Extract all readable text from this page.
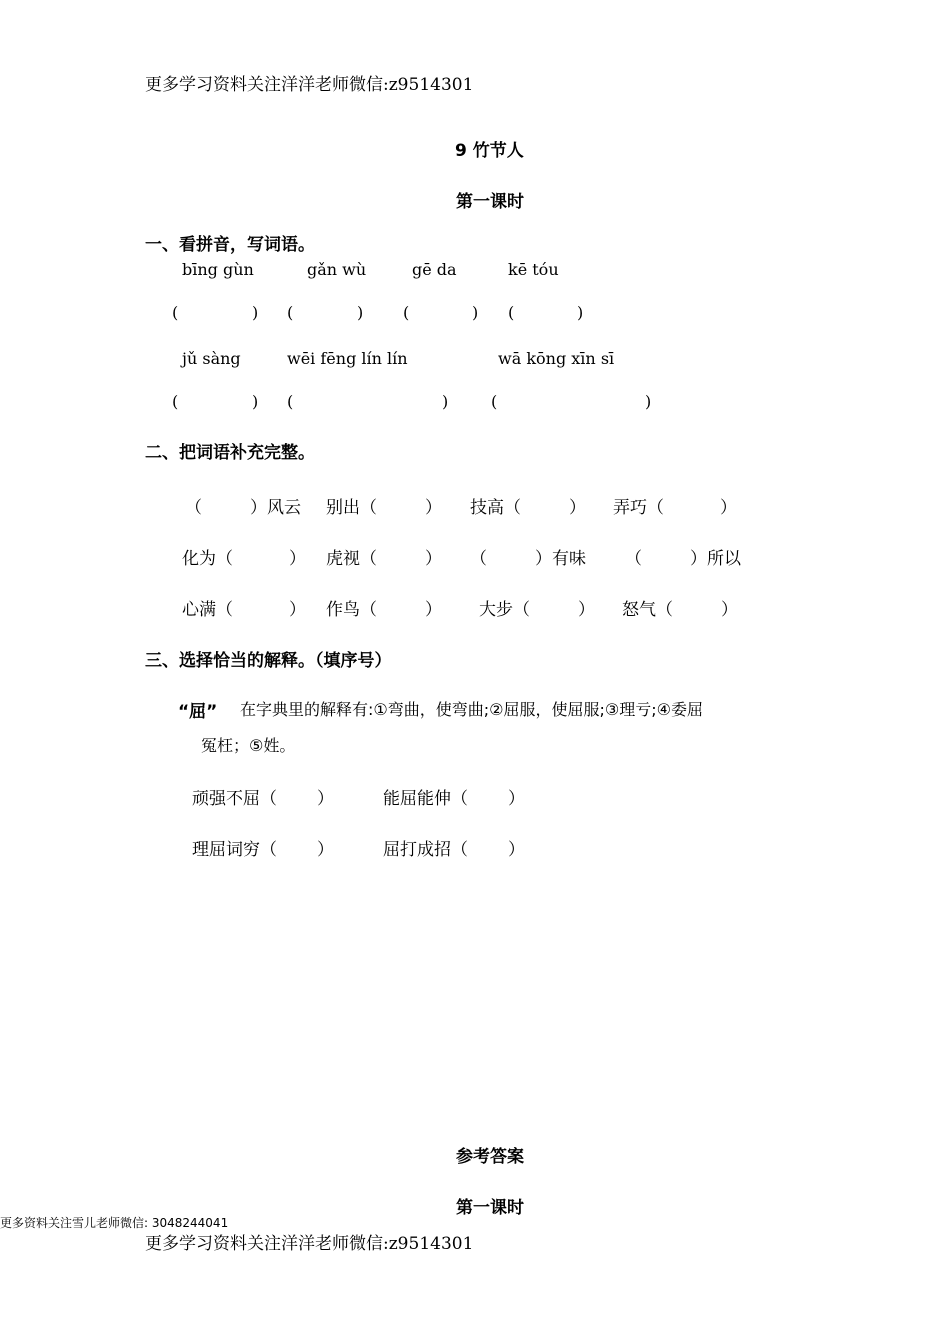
更多学习资料关注洋洋老师微信:z9514301
9 竹节人
第一课时
一、看拼音，写词语。
bīng gùn	gǎn wù	gē da	kē tóu
(	) (	) (	) (	)
jǔ sàng	wēi fēng lín lín	wā kōng xīn sī
(	) (	)	(	)
二、把词语补充完整。
（	）风云 别出（	） 技高（	） 弄巧（	）
化为（	） 虎视（	） （	）有味 （	）所以
心满（	） 作鸟（	） 大步（	） 怒气（	）
三、选择恰当的解释。（填序号）
“屈” 在字典里的解释有:①弯曲，使弯曲;②屈服，使屈服;③理亏;④委屈
冤枉；⑤姓。
顽强不屈（ ）	能屈能伸（ ）
理屈词穷（ ）	屈打成招（ ）
参考答案
第一课时
更多资料关注雪儿老师微信: 3048244041
更多学习资料关注洋洋老师微信:z9514301
